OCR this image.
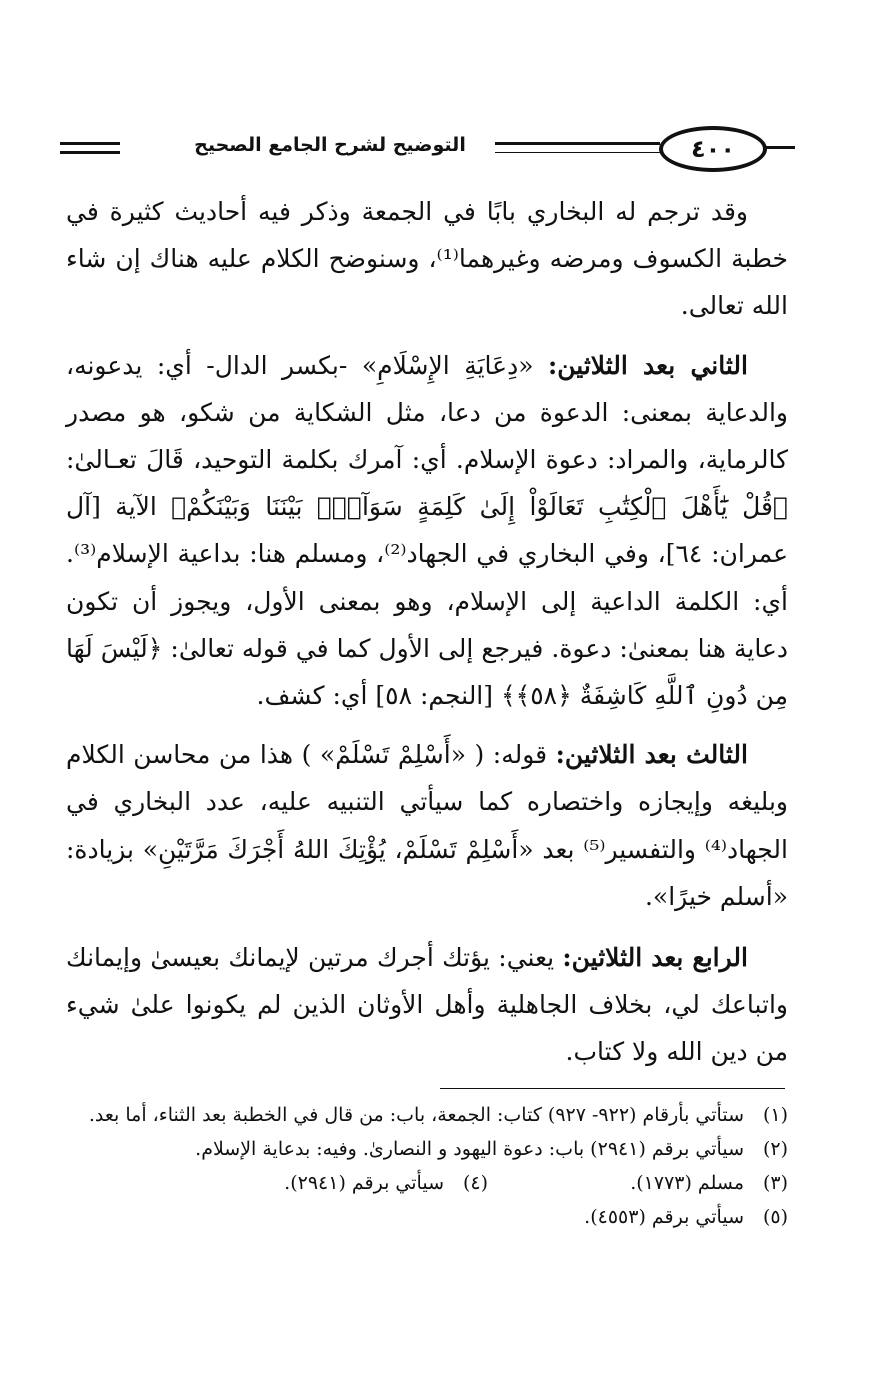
التوضيح لشرح الجامع الصحيح	٤٠٠

وقد ترجم له البخاري بابًا في الجمعة وذكر فيه أحاديث كثيرة في خطبة الكسوف ومرضه وغيرهما⁽¹⁾، وسنوضح الكلام عليه هناك إن شاء الله تعالى.

الثاني بعد الثلاثين: «دِعَايَةِ الإِسْلَامِ» -بكسر الدال- أي: يدعونه، والدعاية بمعنى: الدعوة من دعا، مثل الشكاية من شكو، هو مصدر كالرماية، والمراد: دعوة الإسلام. أي: آمرك بكلمة التوحيد، قَالَ تعـالىٰ: ﴿قُلْ يَٰٓأَهْلَ ٱلْكِتَٰبِ تَعَالَوْاْ إِلَىٰ كَلِمَةٍ سَوَآءٍۭ بَيْنَنَا وَبَيْنَكُمْ﴾ الآية [آل عمران: ٦٤]، وفي البخاري في الجهاد⁽²⁾، ومسلم هنا: بداعية الإسلام⁽³⁾. أي: الكلمة الداعية إلى الإسلام، وهو بمعنى الأول، ويجوز أن تكون دعاية هنا بمعنىٰ: دعوة. فيرجع إلى الأول كما في قوله تعالىٰ: ﴿لَيْسَ لَهَا مِن دُونِ ٱللَّهِ كَاشِفَةٌ ﴿٥٨﴾﴾ [النجم: ٥٨] أي: كشف.

الثالث بعد الثلاثين: قوله: ( «أَسْلِمْ تَسْلَمْ» ) هذا من محاسن الكلام وبليغه وإيجازه واختصاره كما سيأتي التنبيه عليه، عدد البخاري في الجهاد⁽⁴⁾ والتفسير⁽⁵⁾ بعد «أَسْلِمْ تَسْلَمْ، يُؤْتِكَ اللهُ أَجْرَكَ مَرَّتَيْنِ» بزيادة: «أسلم خيرًا».

الرابع بعد الثلاثين: يعني: يؤتك أجرك مرتين لإيمانك بعيسىٰ وإيمانك واتباعك لي، بخلاف الجاهلية وأهل الأوثان الذين لم يكونوا علىٰ شيء من دين الله ولا كتاب.

(١)
ستأتي بأرقام (٩٢٢- ٩٢٧) كتاب: الجمعة، باب: من قال في الخطبة بعد الثناء، أما بعد.
(٢)
سيأتي برقم (٢٩٤١) باب: دعوة اليهود و النصارىٰ. وفيه: بدعاية الإسلام.
(٣)
مسلم (١٧٧٣).
(٤)
سيأتي برقم (٢٩٤١).
(٥)
سيأتي برقم (٤٥٥٣).
